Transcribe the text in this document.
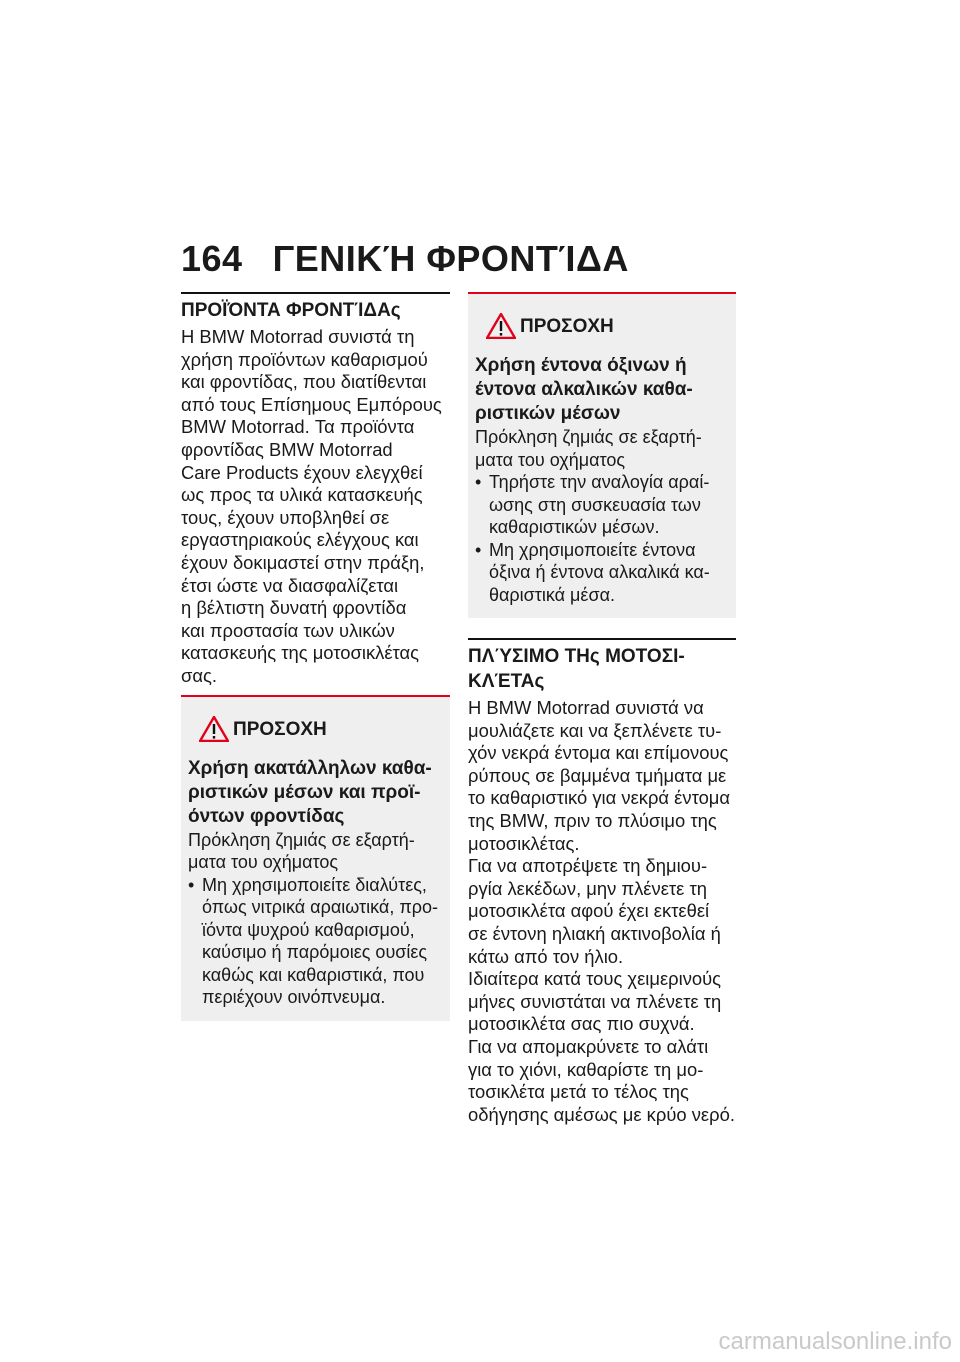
164 ΓΕΝΙΚΉ ΦΡΟΝΤΊΔΑ
ΠΡΟΪΌΝΤΑ ΦΡΟΝΤΊΔΑς
Η BMW Motorrad συνιστά τη
χρήση προϊόντων καθαρισμού
και φροντίδας, που διατίθενται
από τους Επίσημους Εμπόρους
BMW Motorrad. Τα προϊόντα
φροντίδας BMW Motorrad
Care Products έχουν ελεγχθεί
ως προς τα υλικά κατασκευής
τους, έχουν υποβληθεί σε
εργαστηριακούς ελέγχους και
έχουν δοκιμαστεί στην πράξη,
έτσι ώστε να διασφαλίζεται
η βέλτιστη δυνατή φροντίδα
και προστασία των υλικών
κατασκευής της μοτοσικλέτας
σας.
ΠΡΟΣΟΧΗ
Χρήση ακατάλληλων καθα-
ριστικών μέσων και προϊ-
όντων φροντίδας
Πρόκληση ζημιάς σε εξαρτή-
ματα του οχήματος
• Μη χρησιμοποιείτε διαλύτες,
όπως νιτρικά αραιωτικά, προ-
ϊόντα ψυχρού καθαρισμού,
καύσιμο ή παρόμοιες ουσίες
καθώς και καθαριστικά, που
περιέχουν οινόπνευμα.
ΠΡΟΣΟΧΗ
Χρήση έντονα όξινων ή
έντονα αλκαλικών καθα-
ριστικών μέσων
Πρόκληση ζημιάς σε εξαρτή-
ματα του οχήματος
• Τηρήστε την αναλογία αραί-
ωσης στη συσκευασία των
καθαριστικών μέσων.
• Μη χρησιμοποιείτε έντονα
όξινα ή έντονα αλκαλικά κα-
θαριστικά μέσα.
ΠΛΎΣΙΜΟ ΤΗς ΜΟΤΟΣΙ-
ΚΛΈΤΑς
Η BMW Motorrad συνιστά να
μουλιάζετε και να ξεπλένετε τυ-
χόν νεκρά έντομα και επίμονους
ρύπους σε βαμμένα τμήματα με
το καθαριστικό για νεκρά έντομα
της BMW, πριν το πλύσιμο της
μοτοσικλέτας.
Για να αποτρέψετε τη δημιου-
ργία λεκέδων, μην πλένετε τη
μοτοσικλέτα αφού έχει εκτεθεί
σε έντονη ηλιακή ακτινοβολία ή
κάτω από τον ήλιο.
Ιδιαίτερα κατά τους χειμερινούς
μήνες συνιστάται να πλένετε τη
μοτοσικλέτα σας πιο συχνά.
Για να απομακρύνετε το αλάτι
για το χιόνι, καθαρίστε τη μο-
τοσικλέτα μετά το τέλος της
οδήγησης αμέσως με κρύο νερό.
carmanualsonline.info
